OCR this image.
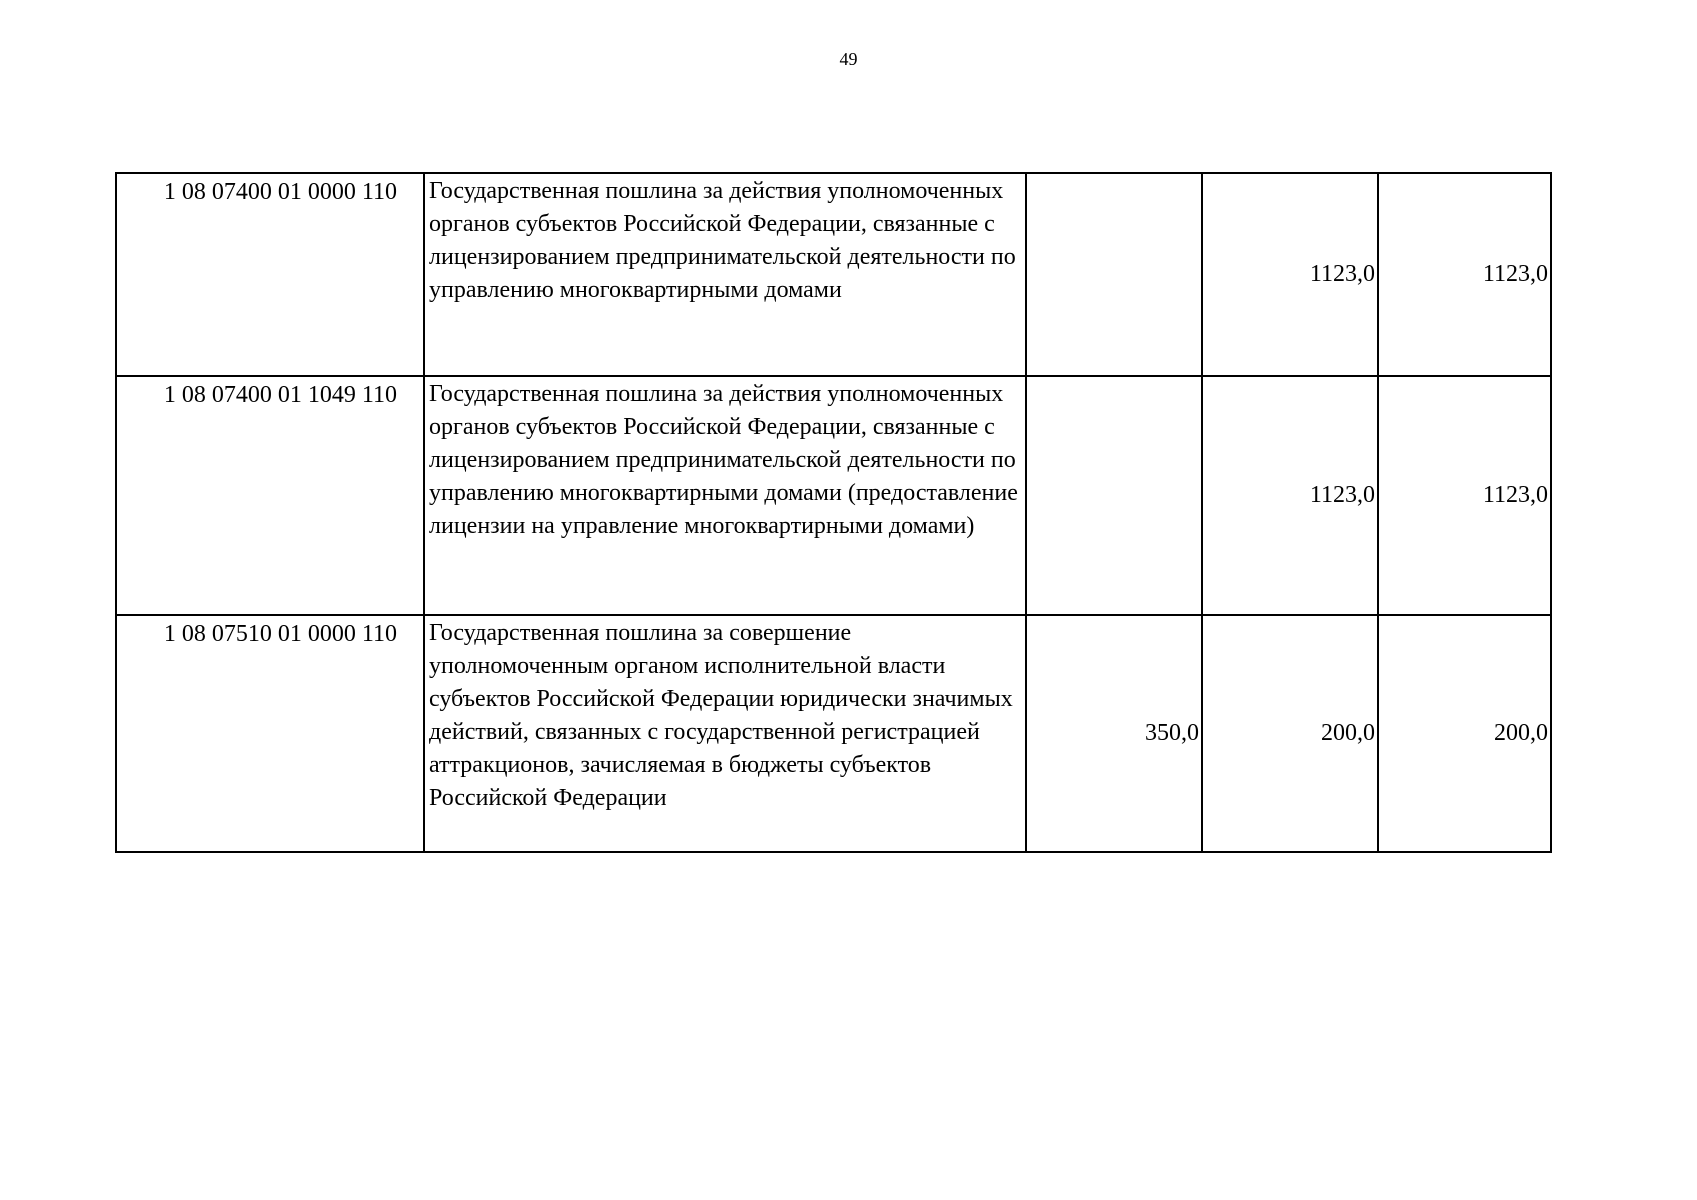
49
1 08 07400 01 0000 110	Государственная пошлина за действия уполномоченных органов субъектов Российской Федерации, связанные с лицензированием предпринимательской деятельности по управлению многоквартирными домами		1123,0	1123,0
1 08 07400 01 1049 110	Государственная пошлина за действия уполномоченных органов субъектов Российской Федерации, связанные с лицензированием предпринимательской деятельности по управлению многоквартирными домами (предоставление лицензии на управление многоквартирными домами)		1123,0	1123,0
1 08 07510 01 0000 110	Государственная пошлина за совершение уполномоченным органом исполнительной власти субъектов Российской Федерации юридически значимых действий, связанных с государственной регистрацией аттракционов, зачисляемая в бюджеты субъектов Российской Федерации	350,0	200,0	200,0
